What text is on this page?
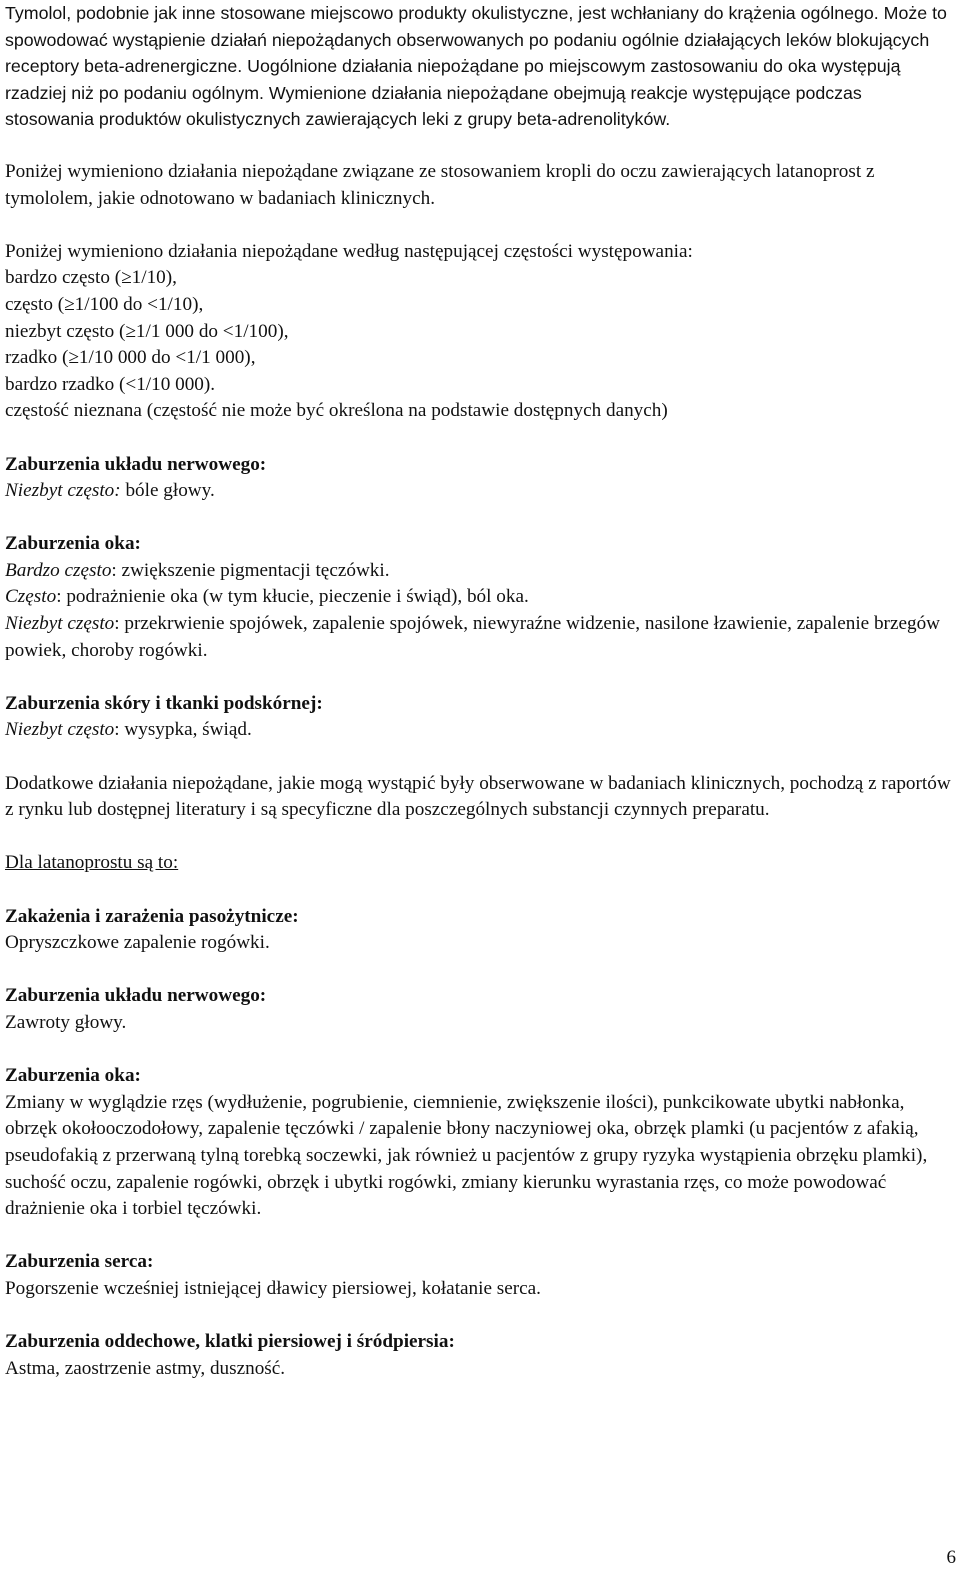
Tymolol, podobnie jak inne stosowane miejscowo produkty okulistyczne, jest wchłaniany do krążenia ogólnego. Może to spowodować wystąpienie działań niepożądanych obserwowanych po podaniu ogólnie działających leków blokujących receptory beta-adrenergiczne. Uogólnione działania niepożądane po miejscowym zastosowaniu do oka występują rzadziej niż po podaniu ogólnym. Wymienione działania niepożądane obejmują reakcje występujące podczas stosowania produktów okulistycznych zawierających leki z grupy beta-adrenolityków.

Poniżej wymieniono działania niepożądane związane ze stosowaniem kropli do oczu zawierających latanoprost z tymololem, jakie odnotowano w badaniach klinicznych.

Poniżej wymieniono działania niepożądane według następującej częstości występowania:

bardzo często (≥1/10),

często (≥1/100 do <1/10),

niezbyt często (≥1/1 000 do <1/100),

rzadko (≥1/10 000 do <1/1 000),

bardzo rzadko (<1/10 000).

częstość nieznana (częstość nie może być określona na podstawie dostępnych danych)

Zaburzenia układu nerwowego:

Niezbyt często: bóle głowy.

Zaburzenia oka:

Bardzo często: zwiększenie pigmentacji tęczówki.

Często: podrażnienie oka (w tym kłucie, pieczenie i świąd), ból oka.

Niezbyt często: przekrwienie spojówek, zapalenie spojówek, niewyraźne widzenie, nasilone łzawienie, zapalenie brzegów powiek, choroby rogówki.

Zaburzenia skóry i tkanki podskórnej:

Niezbyt często: wysypka, świąd.

Dodatkowe działania niepożądane, jakie mogą wystąpić były obserwowane w badaniach klinicznych, pochodzą z raportów z rynku lub dostępnej literatury i są specyficzne dla poszczególnych substancji czynnych preparatu.

Dla latanoprostu są to:

Zakażenia i zarażenia pasożytnicze:

Opryszczkowe zapalenie rogówki.

Zaburzenia układu nerwowego:

Zawroty głowy.

Zaburzenia oka:

Zmiany w wyglądzie rzęs (wydłużenie, pogrubienie, ciemnienie, zwiększenie ilości), punkcikowate ubytki nabłonka, obrzęk okołooczodołowy, zapalenie tęczówki / zapalenie błony naczyniowej oka, obrzęk plamki (u pacjentów z afakią, pseudofakią z przerwaną tylną torebką soczewki, jak również u pacjentów z grupy ryzyka wystąpienia obrzęku plamki), suchość oczu, zapalenie rogówki, obrzęk i ubytki rogówki, zmiany kierunku wyrastania rzęs, co może powodować drażnienie oka i torbiel tęczówki.

Zaburzenia serca:

Pogorszenie wcześniej istniejącej dławicy piersiowej, kołatanie serca.

Zaburzenia oddechowe, klatki piersiowej i śródpiersia:

Astma, zaostrzenie astmy, duszność.

6
